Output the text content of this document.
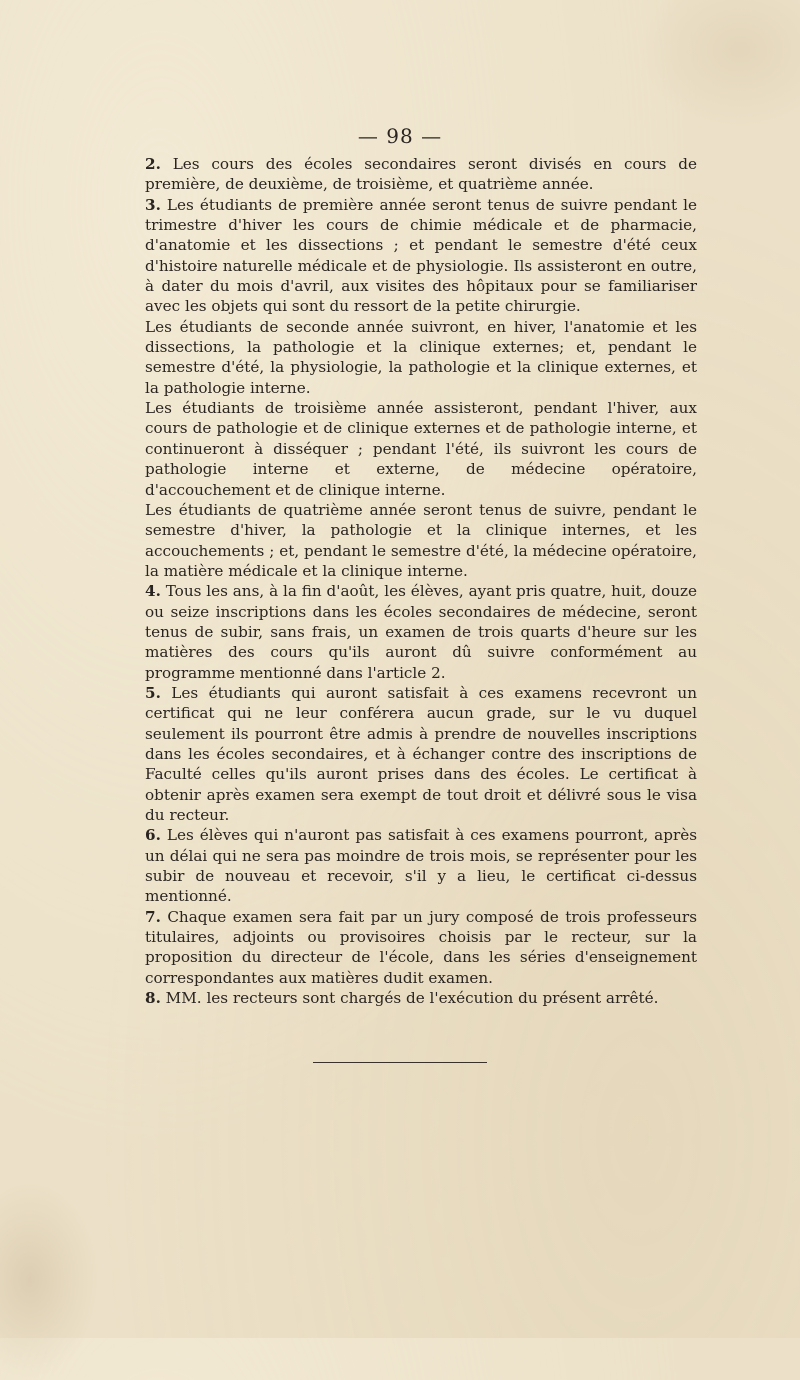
— 98 —

2. Les cours des écoles secondaires seront divisés en cours de première, de deuxième, de troisième, et quatrième année.

3. Les étudiants de première année seront tenus de suivre pendant le trimestre d'hiver les cours de chimie médicale et de pharmacie, d'anatomie et les dissections ; et pendant le semestre d'été ceux d'histoire naturelle médicale et de physiologie. Ils assisteront en outre, à dater du mois d'avril, aux visites des hôpitaux pour se familiariser avec les objets qui sont du ressort de la petite chirurgie.

Les étudiants de seconde année suivront, en hiver, l'anatomie et les dissections, la pathologie et la clinique externes; et, pendant le semestre d'été, la physiologie, la pathologie et la clinique externes, et la pathologie interne.

Les étudiants de troisième année assisteront, pendant l'hiver, aux cours de pathologie et de clinique externes et de pathologie interne, et continueront à disséquer ; pendant l'été, ils suivront les cours de pathologie interne et externe, de médecine opératoire, d'accouchement et de clinique interne.

Les étudiants de quatrième année seront tenus de suivre, pendant le semestre d'hiver, la pathologie et la clinique internes, et les accouchements ; et, pendant le semestre d'été, la médecine opératoire, la matière médicale et la clinique interne.

4. Tous les ans, à la fin d'août, les élèves, ayant pris quatre, huit, douze ou seize inscriptions dans les écoles secondaires de médecine, seront tenus de subir, sans frais, un examen de trois quarts d'heure sur les matières des cours qu'ils auront dû suivre conformément au programme mentionné dans l'article 2.

5. Les étudiants qui auront satisfait à ces examens recevront un certificat qui ne leur conférera aucun grade, sur le vu duquel seulement ils pourront être admis à prendre de nouvelles inscriptions dans les écoles secondaires, et à échanger contre des inscriptions de Faculté celles qu'ils auront prises dans des écoles. Le certificat à obtenir après examen sera exempt de tout droit et délivré sous le visa du recteur.

6. Les élèves qui n'auront pas satisfait à ces examens pourront, après un délai qui ne sera pas moindre de trois mois, se représenter pour les subir de nouveau et recevoir, s'il y a lieu, le certificat ci-dessus mentionné.

7. Chaque examen sera fait par un jury composé de trois professeurs titulaires, adjoints ou provisoires choisis par le recteur, sur la proposition du directeur de l'école, dans les séries d'enseignement correspondantes aux matières dudit examen.

8. MM. les recteurs sont chargés de l'exécution du présent arrêté.
